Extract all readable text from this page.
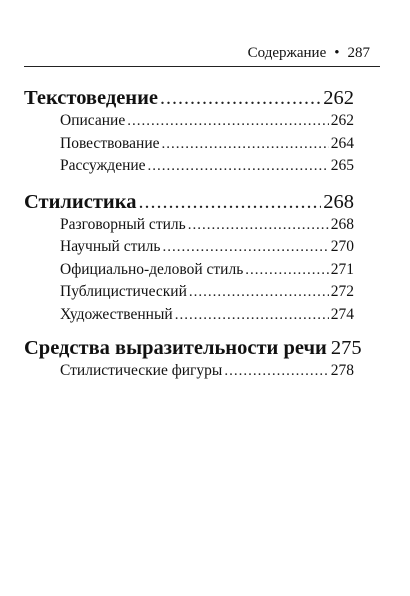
Содержание • 287
Текстоведение .....	262
Описание .....	262
Повествование .....	264
Рассуждение .....	265
Стилистика .....	268
Разговорный стиль .....	268
Научный стиль .....	270
Официально-деловой стиль .....	271
Публицистический .....	272
Художественный .....	274
Средства выразительности речи 275
Стилистические фигуры .....	278
